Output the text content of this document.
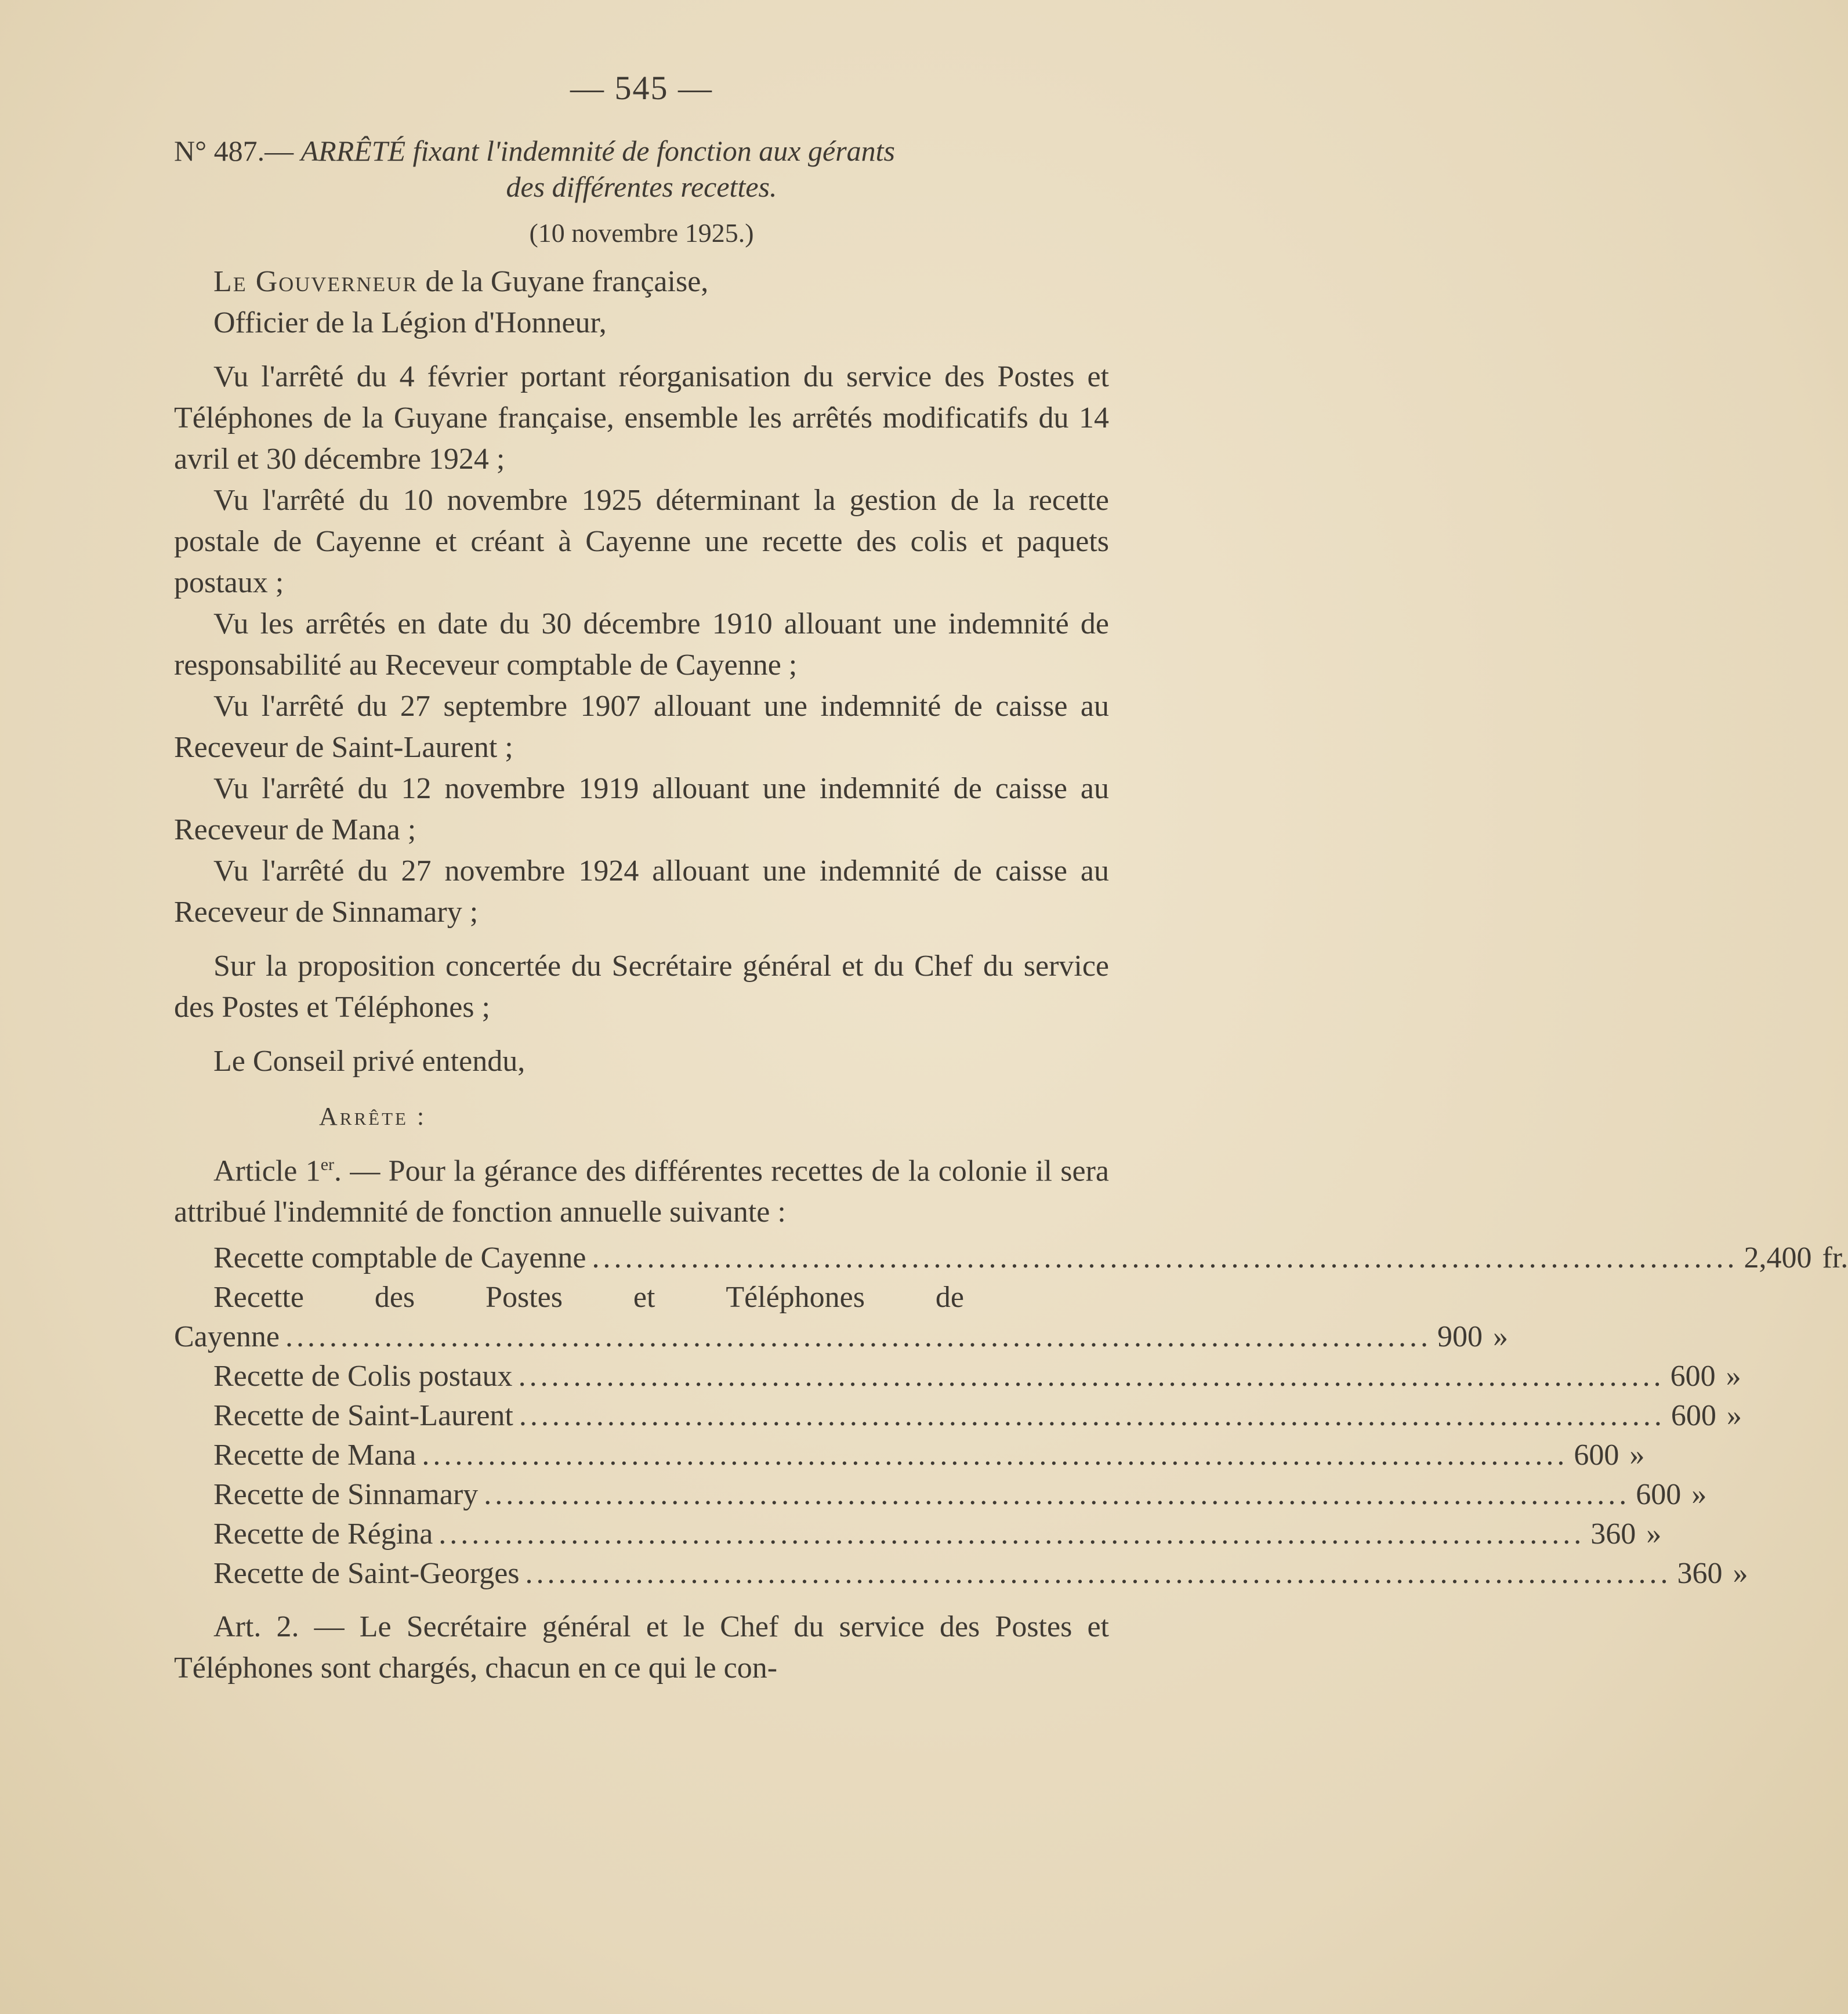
— 545 —
N° 487.— ARRÊTÉ fixant l'indemnité de fonction aux gérants
des différentes recettes.
(10 novembre 1925.)

Le Gouverneur de la Guyane française,

Officier de la Légion d'Honneur,

Vu l'arrêté du 4 février portant réorganisation du service des Postes et Téléphones de la Guyane française, ensemble les arrêtés modificatifs du 14 avril et 30 décembre 1924 ;

Vu l'arrêté du 10 novembre 1925 déterminant la gestion de la recette postale de Cayenne et créant à Cayenne une recette des colis et paquets postaux ;

Vu les arrêtés en date du 30 décembre 1910 allouant une indemnité de responsabilité au Receveur comptable de Cayenne ;

Vu l'arrêté du 27 septembre 1907 allouant une indemnité de caisse au Receveur de Saint-Laurent ;

Vu l'arrêté du 12 novembre 1919 allouant une indemnité de caisse au Receveur de Mana ;

Vu l'arrêté du 27 novembre 1924 allouant une indemnité de caisse au Receveur de Sinnamary ;

Sur la proposition concertée du Secrétaire général et du Chef du service des Postes et Téléphones ;

Le Conseil privé entendu,

Arrête :

Article 1er. — Pour la gérance des différentes recettes de la colonie il sera attribué l'indemnité de fonction annuelle suivante :

Recette comptable de Cayenne ........................................................................................................ 2,400 fr.
Recette des Postes et Téléphones de
Cayenne ........................................................................................................ 900 »
Recette de Colis postaux ........................................................................................................ 600 »
Recette de Saint-Laurent ........................................................................................................ 600 »
Recette de Mana ........................................................................................................ 600 »
Recette de Sinnamary ........................................................................................................ 600 »
Recette de Régina ........................................................................................................ 360 »
Recette de Saint-Georges ........................................................................................................ 360 »

Art. 2. — Le Secrétaire général et le Chef du service des Postes et Téléphones sont chargés, chacun en ce qui le con-
